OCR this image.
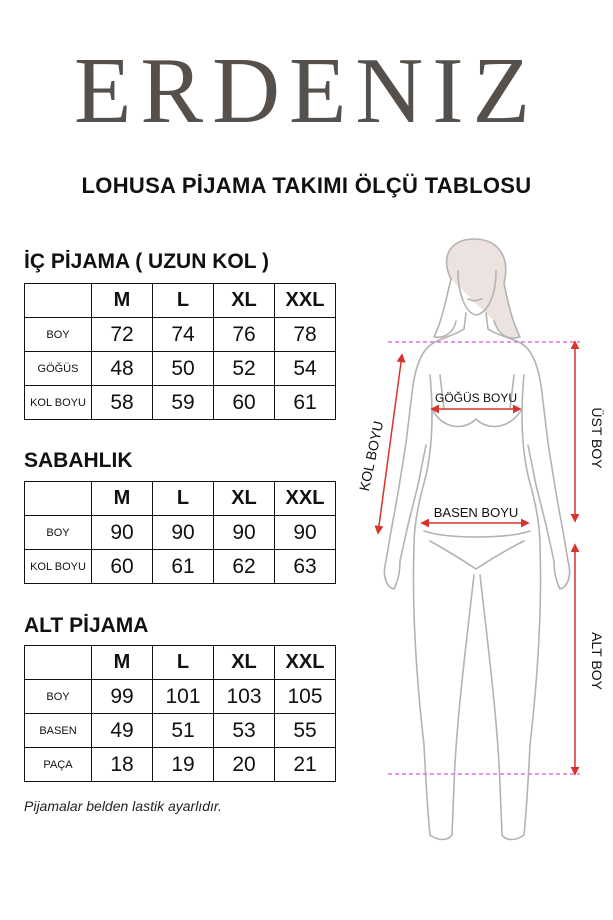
ERDENIZ
LOHUSA PİJAMA TAKIMI ÖLÇÜ TABLOSU
İÇ PİJAMA ( UZUN KOL )
	M	L	XL	XXL
BOY	72	74	76	78
GÖĞÜS	48	50	52	54
KOL BOYU	58	59	60	61
SABAHLIK
	M	L	XL	XXL
BOY	90	90	90	90
KOL BOYU	60	61	62	63
ALT PİJAMA
	M	L	XL	XXL
BOY	99	101	103	105
BASEN	49	51	53	55
PAÇA	18	19	20	21
Pijamalar belden lastik ayarlıdır.
GÖĞÜS BOYU
BASEN BOYU
KOL BOYU	ÜST BOY
ALT BOY
